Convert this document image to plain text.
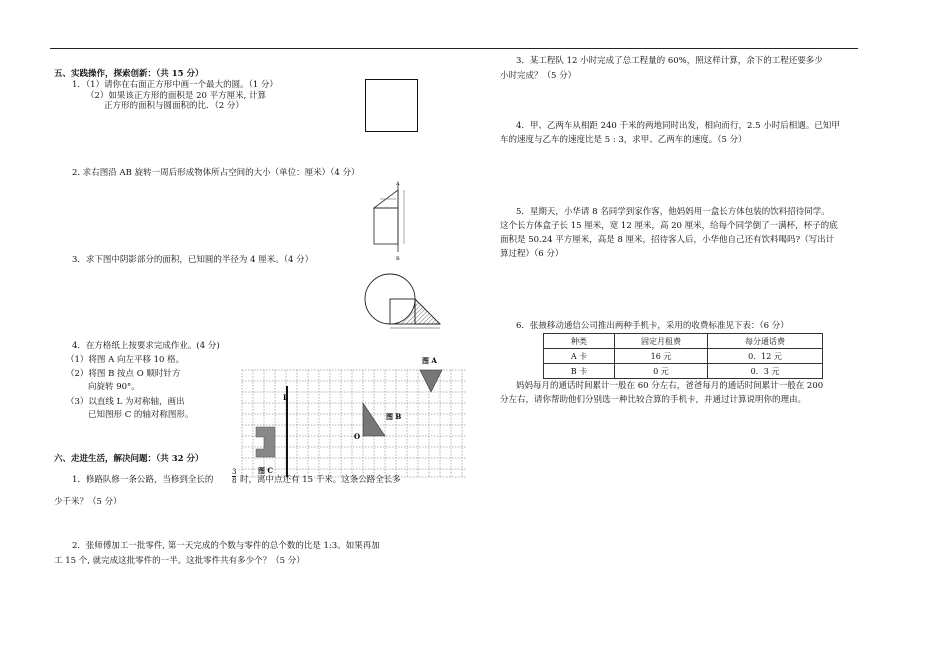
五、实践操作，探索创新：（共 15 分）
1．（1）请你在右面正方形中画一个最大的圆。（1 分）
（2）如果该正方形的面积是 20 平方厘米, 计算
正方形的面积与圆面积的比．（2 分）
2. 求右图沿 AB 旋转一周后形成物体所占空间的大小（单位：厘米）（4 分）
A
B
3．求下图中阴影部分的面积，已知圆的半径为 4 厘米。（4 分）
4．在方格纸上按要求完成作业。(4 分)
（1）将图 A 向左平移 10 格。
（2）将图 B 按点 O 顺时针方
向旋转 90°。
（3）以直线 L 为对称轴，画出
已知图形 C 的轴对称图形。
图 A
图 B
O
L
图 C
六、走进生活，解决问题：（共 32 分）
1．修路队修一条公路，当修到全长的	$\frac{3}{8}$ 时，离中点还有 15 千米。这条公路全长多
少千米？（5 分）
2．张师傅加工一批零件, 第一天完成的个数与零件的总个数的比是 1:3。如果再加
工 15 个, 就完成这批零件的一半。这批零件共有多少个？（5 分）
3．某工程队 12 小时完成了总工程量的 60%，照这样计算，余下的工程还要多少
小时完成？（5 分）
4．甲、乙两车从相距 240 千米的两地同时出发，相向而行，2.5 小时后相遇。已知甲
车的速度与乙车的速度比是 5 : 3，求甲、乙两车的速度。（5 分）
5．星期天，小华请 8 名同学到家作客，他妈妈用一盒长方体包装的饮料招待同学。
这个长方体盒子长 15 厘米，宽 12 厘米，高 20 厘米，给每个同学倒了一满杯，杯子的底
面积是 50.24 平方厘米，高是 8 厘米，招待客人后，小华他自己还有饮料喝吗?（写出计
算过程）（6 分）
6．张掖移动通信公司推出两种手机卡，采用的收费标准见下表：（6 分）
种类	固定月租费	每分通话费
A 卡	16 元	0．12 元
B 卡	0 元	0．3 元
妈妈每月的通话时间累计一般在 60 分左右，爸爸每月的通话时间累计一般在 200
分左右，请你帮助他们分别选一种比较合算的手机卡，并通过计算说明你的理由。
